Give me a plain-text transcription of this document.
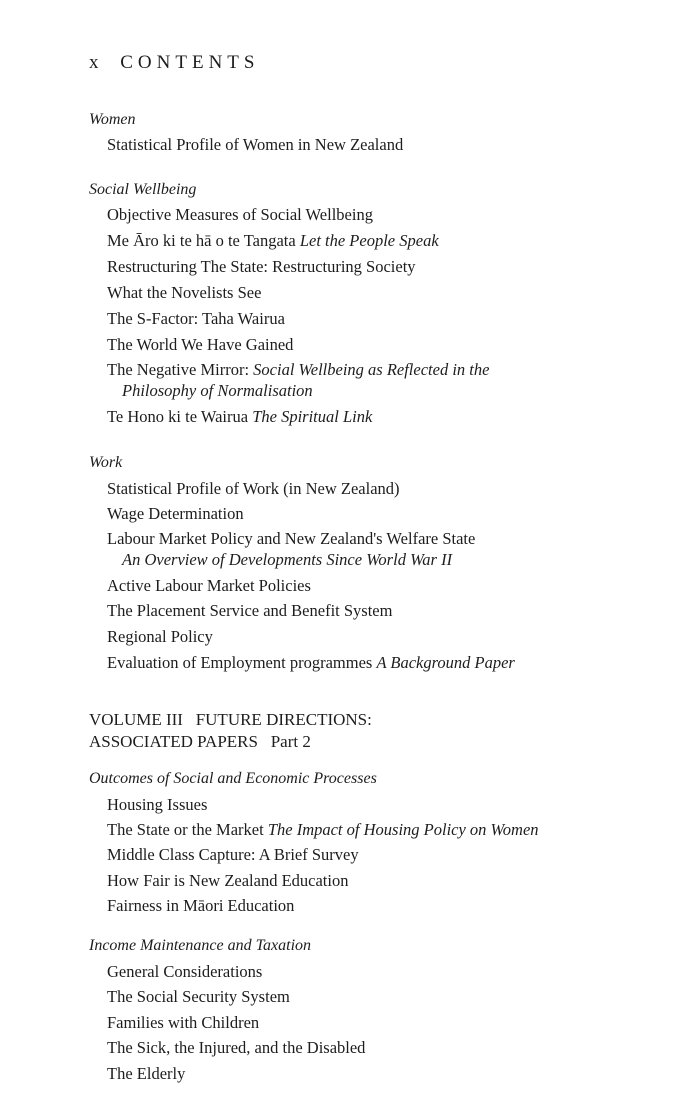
x CONTENTS
Women
Statistical Profile of Women in New Zealand
Social Wellbeing
Objective Measures of Social Wellbeing
Me Āro ki te hā o te Tangata Let the People Speak
Restructuring The State: Restructuring Society
What the Novelists See
The S-Factor: Taha Wairua
The World We Have Gained
The Negative Mirror: Social Wellbeing as Reflected in the
Philosophy of Normalisation
Te Hono ki te Wairua The Spiritual Link
Work
Statistical Profile of Work (in New Zealand)
Wage Determination
Labour Market Policy and New Zealand's Welfare State
An Overview of Developments Since World War II
Active Labour Market Policies
The Placement Service and Benefit System
Regional Policy
Evaluation of Employment programmes A Background Paper
VOLUME III   FUTURE DIRECTIONS:
ASSOCIATED PAPERS   Part 2
Outcomes of Social and Economic Processes
Housing Issues
The State or the Market The Impact of Housing Policy on Women
Middle Class Capture: A Brief Survey
How Fair is New Zealand Education
Fairness in Māori Education
Income Maintenance and Taxation
General Considerations
The Social Security System
Families with Children
The Sick, the Injured, and the Disabled
The Elderly
